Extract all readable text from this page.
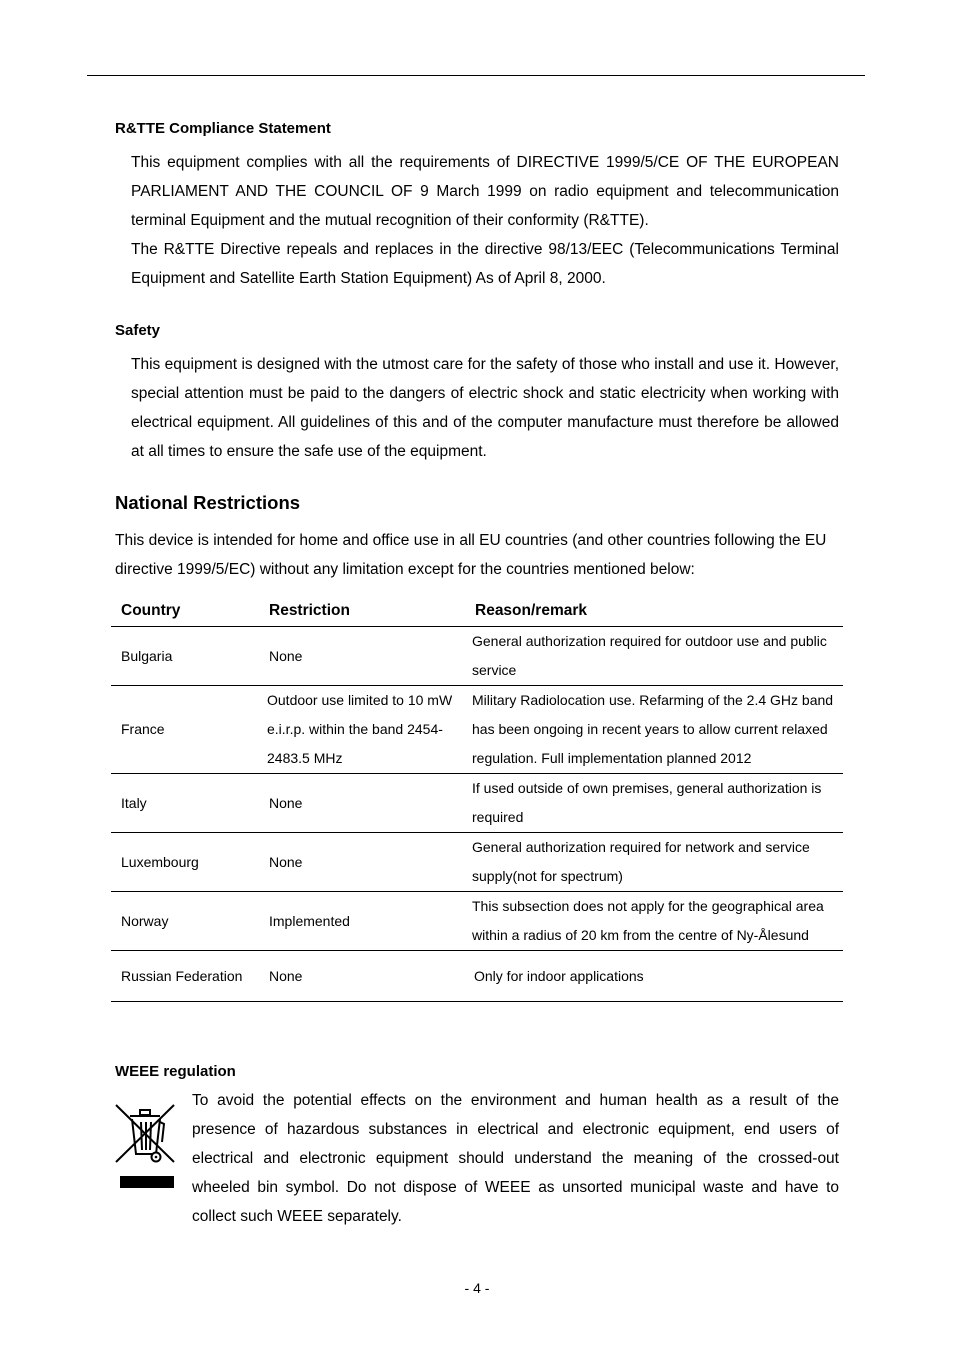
R&TTE Compliance Statement

This equipment complies with all the requirements of DIRECTIVE 1999/5/CE OF THE EUROPEAN PARLIAMENT AND THE COUNCIL OF 9 March 1999 on radio equipment and telecommunication terminal Equipment and the mutual recognition of their conformity (R&TTE).

The R&TTE Directive repeals and replaces in the directive 98/13/EEC (Telecommunications Terminal Equipment and Satellite Earth Station Equipment) As of April 8, 2000.

Safety

This equipment is designed with the utmost care for the safety of those who install and use it. However, special attention must be paid to the dangers of electric shock and static electricity when working with electrical equipment. All guidelines of this and of the computer manufacture must therefore be allowed at all times to ensure the safe use of the equipment.

National Restrictions

This device is intended for home and office use in all EU countries (and other countries following the EU directive 1999/5/EC) without any limitation except for the countries mentioned below:

Country	Restriction	Reason/remark
Bulgaria	None	General authorization required for outdoor use and public service
France	Outdoor use limited to 10 mW e.i.r.p. within the band 2454-2483.5 MHz	Military Radiolocation use. Refarming of the 2.4 GHz band has been ongoing in recent years to allow current relaxed regulation. Full implementation planned 2012
Italy	None	If used outside of own premises, general authorization is required
Luxembourg	None	General authorization required for network and service supply(not for spectrum)
Norway	Implemented	This subsection does not apply for the geographical area within a radius of 20 km from the centre of Ny-Ålesund
Russian Federation	None	Only for indoor applications
WEEE regulation

To avoid the potential effects on the environment and human health as a result of the presence of hazardous substances in electrical and electronic equipment, end users of electrical and electronic equipment should understand the meaning of the crossed-out wheeled bin symbol. Do not dispose of WEEE as unsorted municipal waste and have to collect such WEEE separately.

- 4 -
